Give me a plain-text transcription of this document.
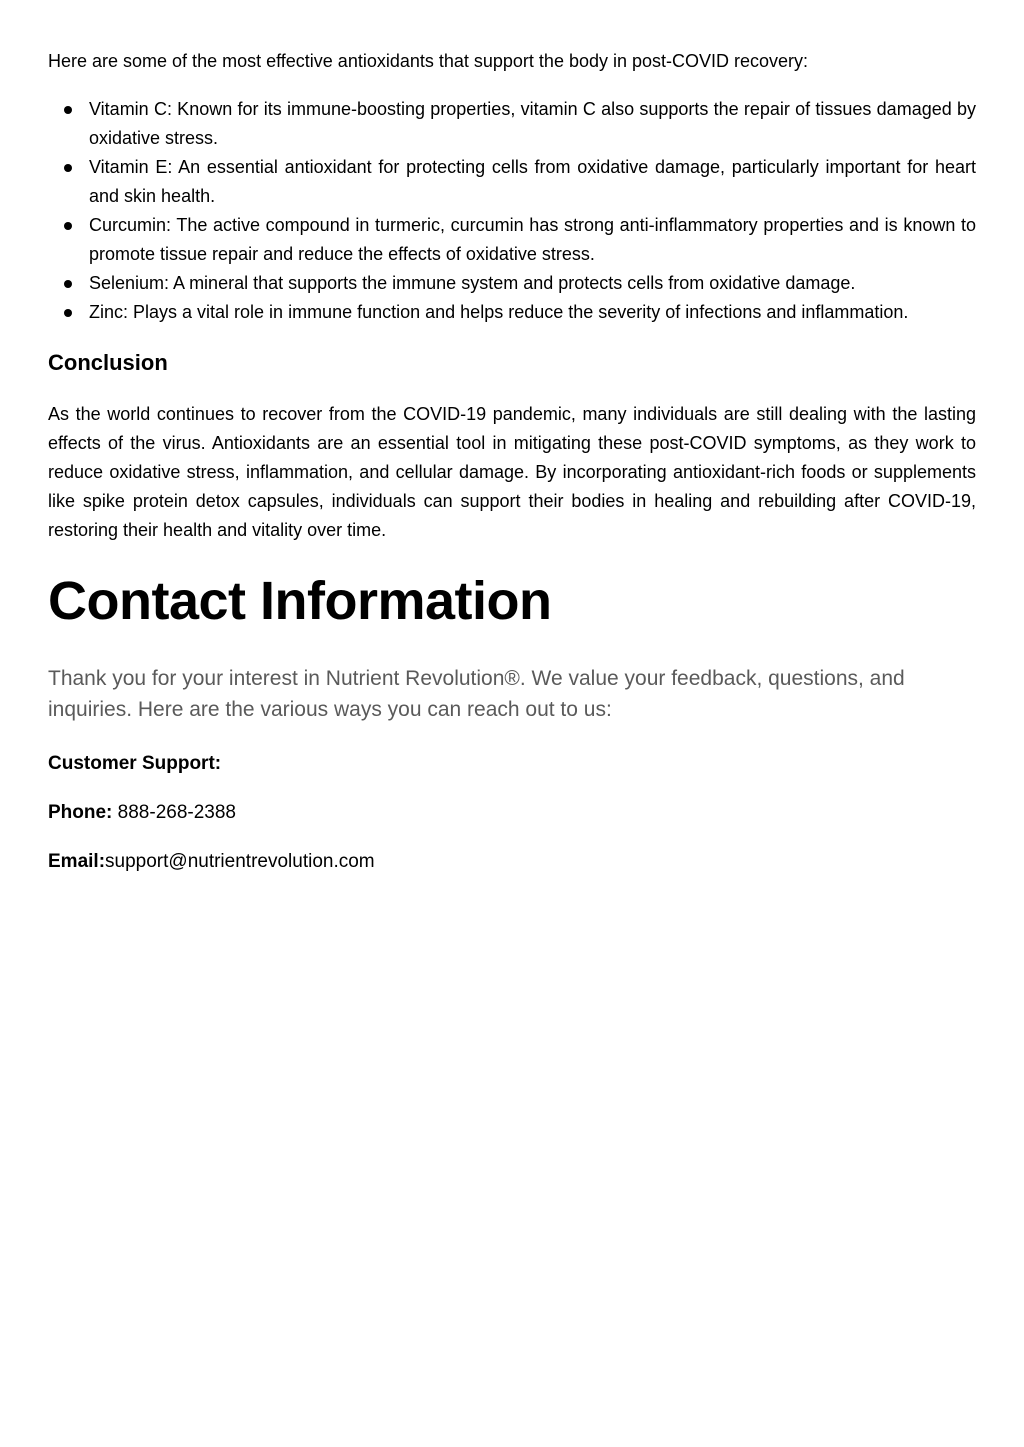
Here are some of the most effective antioxidants that support the body in post-COVID recovery:

Vitamin C: Known for its immune-boosting properties, vitamin C also supports the repair of tissues damaged by oxidative stress.
Vitamin E: An essential antioxidant for protecting cells from oxidative damage, particularly important for heart and skin health.
Curcumin: The active compound in turmeric, curcumin has strong anti-inflammatory properties and is known to promote tissue repair and reduce the effects of oxidative stress.
Selenium: A mineral that supports the immune system and protects cells from oxidative damage.
Zinc: Plays a vital role in immune function and helps reduce the severity of infections and inflammation.
Conclusion

As the world continues to recover from the COVID-19 pandemic, many individuals are still dealing with the lasting effects of the virus. Antioxidants are an essential tool in mitigating these post-COVID symptoms, as they work to reduce oxidative stress, inflammation, and cellular damage. By incorporating antioxidant-rich foods or supplements like spike protein detox capsules, individuals can support their bodies in healing and rebuilding after COVID-19, restoring their health and vitality over time.

Contact Information

Thank you for your interest in Nutrient Revolution®. We value your feedback, questions, and inquiries. Here are the various ways you can reach out to us:

Customer Support:

Phone: 888-268-2388

Email:support@nutrientrevolution.com
